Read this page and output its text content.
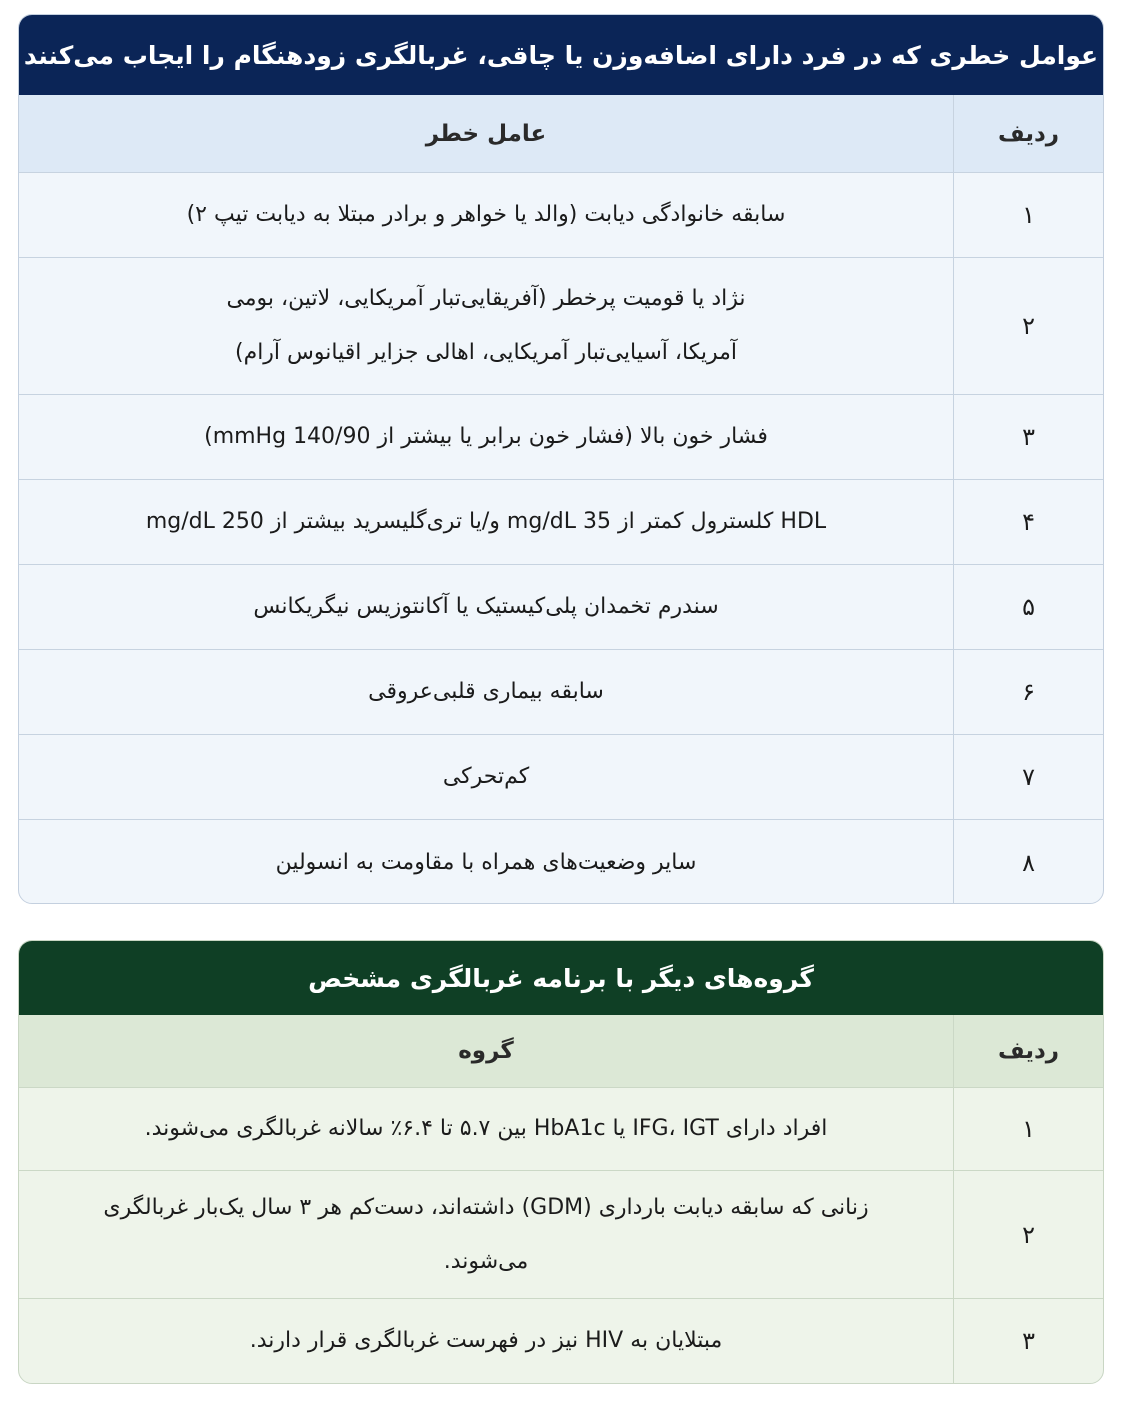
عوامل خطری که در فرد دارای اضافه‌وزن یا چاقی، غربالگری زودهنگام را ایجاب می‌کنند
ردیف
عامل خطر
۱
سابقه خانوادگی دیابت (والد یا خواهر و برادر مبتلا به دیابت تیپ ۲)
۲
نژاد یا قومیت پرخطر (آفریقایی‌تبار آمریکایی، لاتین، بومی آمریکا، آسیایی‌تبار آمریکایی، اهالی جزایر اقیانوس آرام)
۳
فشار خون بالا (فشار خون برابر یا بیشتر از 140/90 mmHg)
۴
HDL کلسترول کمتر از 35 mg/dL و/یا تری‌گلیسرید بیشتر از 250 mg/dL
۵
سندرم تخمدان پلی‌کیستیک یا آکانتوزیس نیگریکانس
۶
سابقه بیماری قلبی‌عروقی
۷
کم‌تحرکی
۸
سایر وضعیت‌های همراه با مقاومت به انسولین
گروه‌های دیگر با برنامه غربالگری مشخص
ردیف
گروه
۱
افراد دارای IFG، IGT یا HbA1c بین ۵.۷ تا ۶.۴٪ سالانه غربالگری می‌شوند.
۲
زنانی که سابقه دیابت بارداری (GDM) داشته‌اند، دست‌کم هر ۳ سال یک‌بار غربالگری می‌شوند.
۳
مبتلایان به HIV نیز در فهرست غربالگری قرار دارند.
